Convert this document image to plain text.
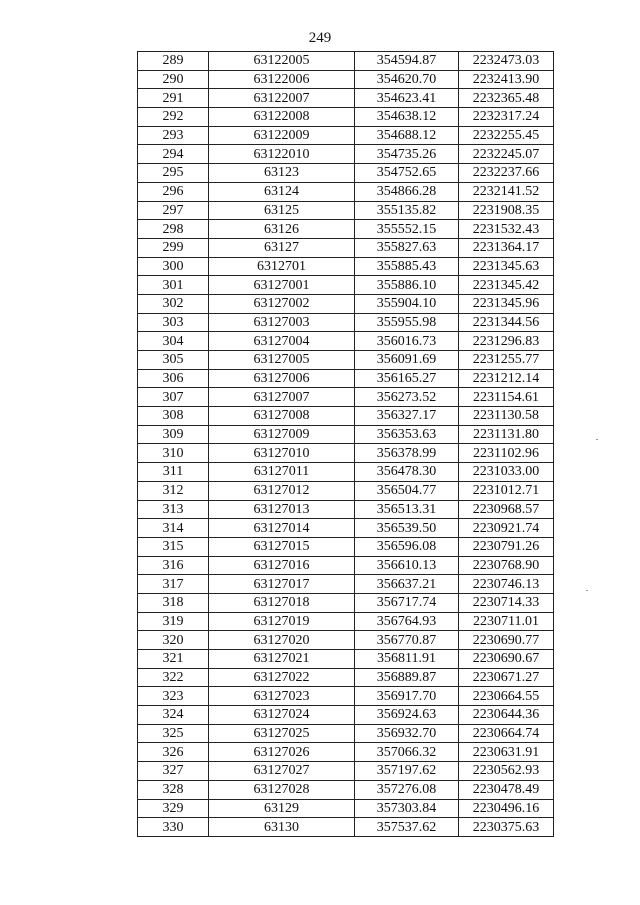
249
289	63122005	354594.87	2232473.03
290	63122006	354620.70	2232413.90
291	63122007	354623.41	2232365.48
292	63122008	354638.12	2232317.24
293	63122009	354688.12	2232255.45
294	63122010	354735.26	2232245.07
295	63123	354752.65	2232237.66
296	63124	354866.28	2232141.52
297	63125	355135.82	2231908.35
298	63126	355552.15	2231532.43
299	63127	355827.63	2231364.17
300	6312701	355885.43	2231345.63
301	63127001	355886.10	2231345.42
302	63127002	355904.10	2231345.96
303	63127003	355955.98	2231344.56
304	63127004	356016.73	2231296.83
305	63127005	356091.69	2231255.77
306	63127006	356165.27	2231212.14
307	63127007	356273.52	2231154.61
308	63127008	356327.17	2231130.58
309	63127009	356353.63	2231131.80
310	63127010	356378.99	2231102.96
311	63127011	356478.30	2231033.00
312	63127012	356504.77	2231012.71
313	63127013	356513.31	2230968.57
314	63127014	356539.50	2230921.74
315	63127015	356596.08	2230791.26
316	63127016	356610.13	2230768.90
317	63127017	356637.21	2230746.13
318	63127018	356717.74	2230714.33
319	63127019	356764.93	2230711.01
320	63127020	356770.87	2230690.77
321	63127021	356811.91	2230690.67
322	63127022	356889.87	2230671.27
323	63127023	356917.70	2230664.55
324	63127024	356924.63	2230644.36
325	63127025	356932.70	2230664.74
326	63127026	357066.32	2230631.91
327	63127027	357197.62	2230562.93
328	63127028	357276.08	2230478.49
329	63129	357303.84	2230496.16
330	63130	357537.62	2230375.63
